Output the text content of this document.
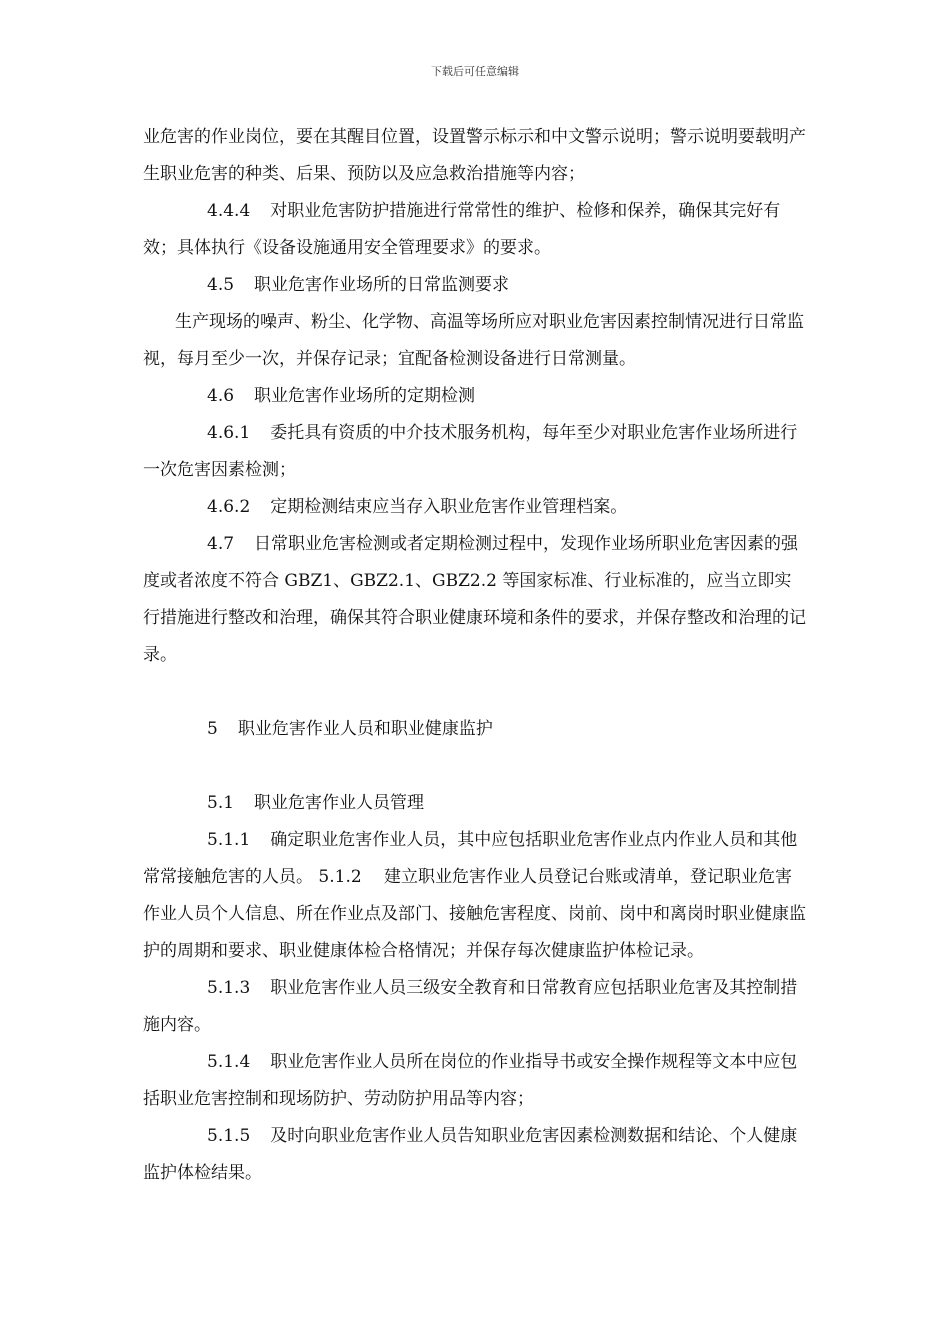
下载后可任意编辑

业危害的作业岗位，要在其醒目位置，设置警示标示和中文警示说明；警示说明要载明产生职业危害的种类、后果、预防以及应急救治措施等内容；

4.4.4 对职业危害防护措施进行常常性的维护、检修和保养，确保其完好有效；具体执行《设备设施通用安全管理要求》的要求。

4.5 职业危害作业场所的日常监测要求

生产现场的噪声、粉尘、化学物、高温等场所应对职业危害因素控制情况进行日常监视，每月至少一次，并保存记录；宜配备检测设备进行日常测量。

4.6 职业危害作业场所的定期检测

4.6.1 委托具有资质的中介技术服务机构，每年至少对职业危害作业场所进行一次危害因素检测；

4.6.2 定期检测结束应当存入职业危害作业管理档案。

4.7 日常职业危害检测或者定期检测过程中，发现作业场所职业危害因素的强度或者浓度不符合 GBZ1、GBZ2.1、GBZ2.2 等国家标准、行业标准的，应当立即实行措施进行整改和治理，确保其符合职业健康环境和条件的要求，并保存整改和治理的记录。

5 职业危害作业人员和职业健康监护

5.1 职业危害作业人员管理

5.1.1 确定职业危害作业人员，其中应包括职业危害作业点内作业人员和其他常常接触危害的人员。 5.1.2　 建立职业危害作业人员登记台账或清单，登记职业危害作业人员个人信息、所在作业点及部门、接触危害程度、岗前、岗中和离岗时职业健康监护的周期和要求、职业健康体检合格情况；并保存每次健康监护体检记录。

5.1.3 职业危害作业人员三级安全教育和日常教育应包括职业危害及其控制措施内容。

5.1.4 职业危害作业人员所在岗位的作业指导书或安全操作规程等文本中应包括职业危害控制和现场防护、劳动防护用品等内容；

5.1.5 及时向职业危害作业人员告知职业危害因素检测数据和结论、个人健康监护体检结果。
